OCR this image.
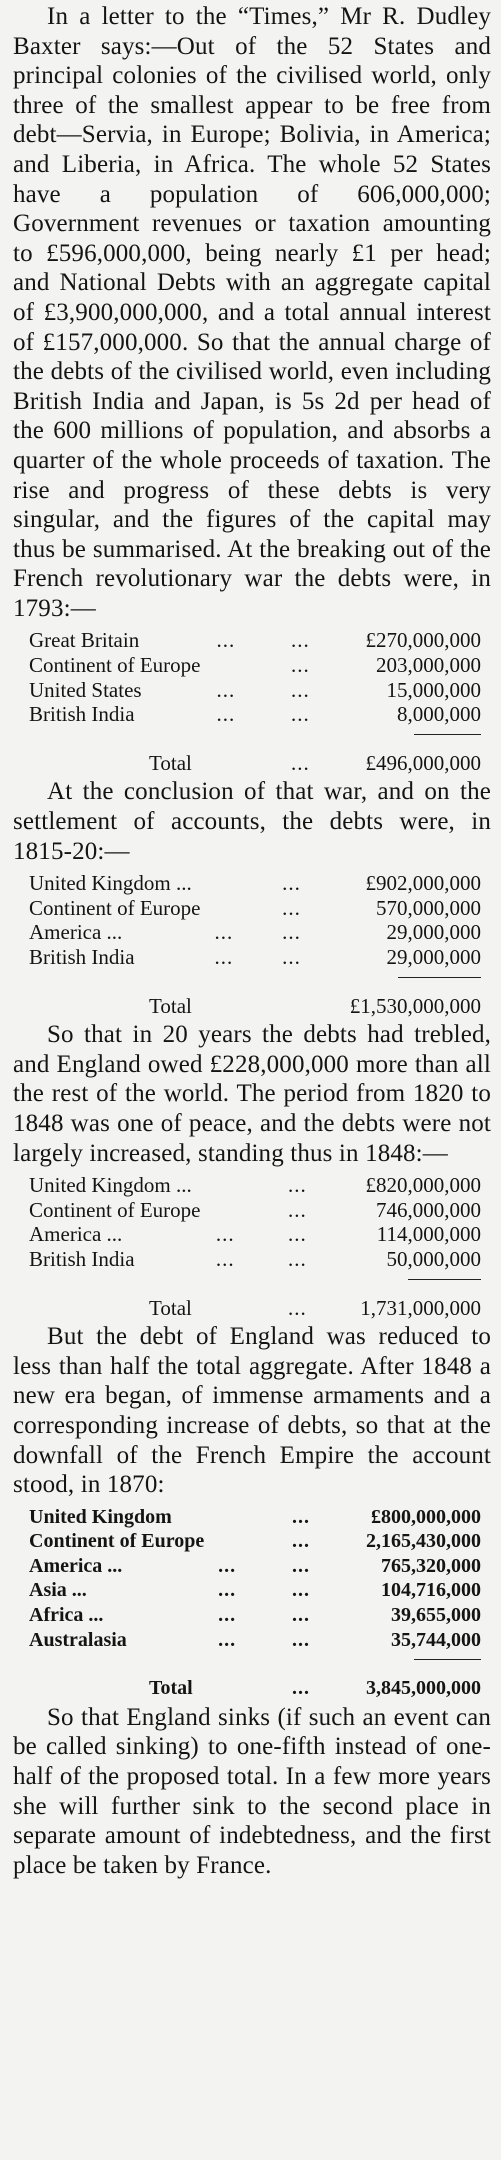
In a letter to the “Times,” Mr R. Dudley Baxter says:—Out of the 52 States and principal colonies of the civilised world, only three of the smallest appear to be free from debt—Servia, in Europe; Bolivia, in America; and Liberia, in Africa. The whole 52 States have a population of 606,000,000; Government revenues or taxation amounting to £596,000,000, being nearly £1 per head; and National Debts with an aggregate capital of £3,900,000,000, and a total annual interest of £157,000,000. So that the annual charge of the debts of the civilised world, even including British India and Japan, is 5s 2d per head of the 600 millions of population, and absorbs a quarter of the whole proceeds of taxation. The rise and progress of these debts is very singular, and the figures of the capital may thus be summarised. At the breaking out of the French revolutionary war the debts were, in 1793:—

Great Britain	...	...	£270,000,000
Continent of Europe		...	203,000,000
United States	...	...	15,000,000
British India	...	...	8,000,000

Total		...	£496,000,000

At the conclusion of that war, and on the settlement of accounts, the debts were, in 1815-20:—

United Kingdom ...		...	£902,000,000
Continent of Europe		...	570,000,000
America ...	...	...	29,000,000
British India	...	...	29,000,000

Total			£1,530,000,000

So that in 20 years the debts had trebled, and England owed £228,000,000 more than all the rest of the world. The period from 1820 to 1848 was one of peace, and the debts were not largely increased, standing thus in 1848:—

United Kingdom ...		...	£820,000,000
Continent of Europe		...	746,000,000
America ...	...	...	114,000,000
British India	...	...	50,000,000

Total		...	1,731,000,000

But the debt of England was reduced to less than half the total aggregate. After 1848 a new era began, of immense armaments and a corresponding increase of debts, so that at the downfall of the French Empire the account stood, in 1870:

United Kingdom		...	£800,000,000
Continent of Europe		...	2,165,430,000
America ...	...	...	765,320,000
Asia ...	...	...	104,716,000
Africa ...	...	...	39,655,000
Australasia	...	...	35,744,000

Total		...	3,845,000,000

So that England sinks (if such an event can be called sinking) to one-fifth instead of one-half of the proposed total. In a few more years she will further sink to the second place in separate amount of indebtedness, and the first place be taken by France.
